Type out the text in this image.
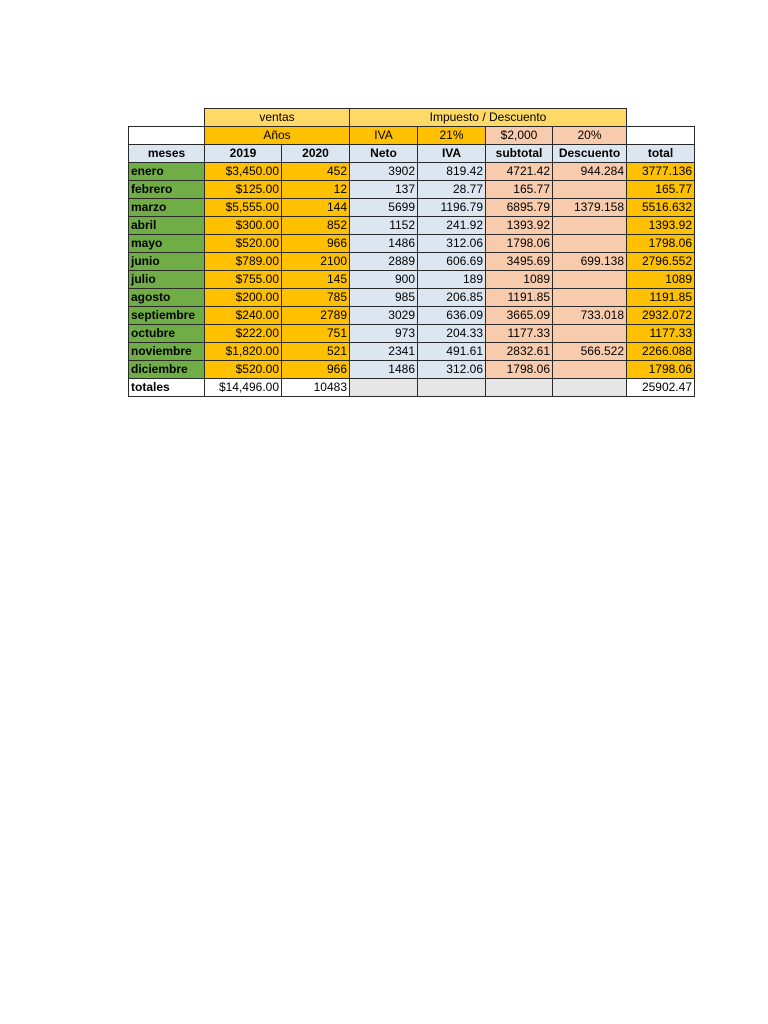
	ventas		Impuesto / Descuento				
	Años		IVA	21%	$2,000	20%	
meses	2019	2020	Neto	IVA	subtotal	Descuento	total
enero	$3,450.00	452	3902	819.42	4721.42	944.284	3777.136
febrero	$125.00	12	137	28.77	165.77		165.77
marzo	$5,555.00	144	5699	1196.79	6895.79	1379.158	5516.632
abril	$300.00	852	1152	241.92	1393.92		1393.92
mayo	$520.00	966	1486	312.06	1798.06		1798.06
junio	$789.00	2100	2889	606.69	3495.69	699.138	2796.552
julio	$755.00	145	900	189	1089		1089
agosto	$200.00	785	985	206.85	1191.85		1191.85
septiembre	$240.00	2789	3029	636.09	3665.09	733.018	2932.072
octubre	$222.00	751	973	204.33	1177.33		1177.33
noviembre	$1,820.00	521	2341	491.61	2832.61	566.522	2266.088
diciembre	$520.00	966	1486	312.06	1798.06		1798.06
totales	$14,496.00	10483					25902.47
